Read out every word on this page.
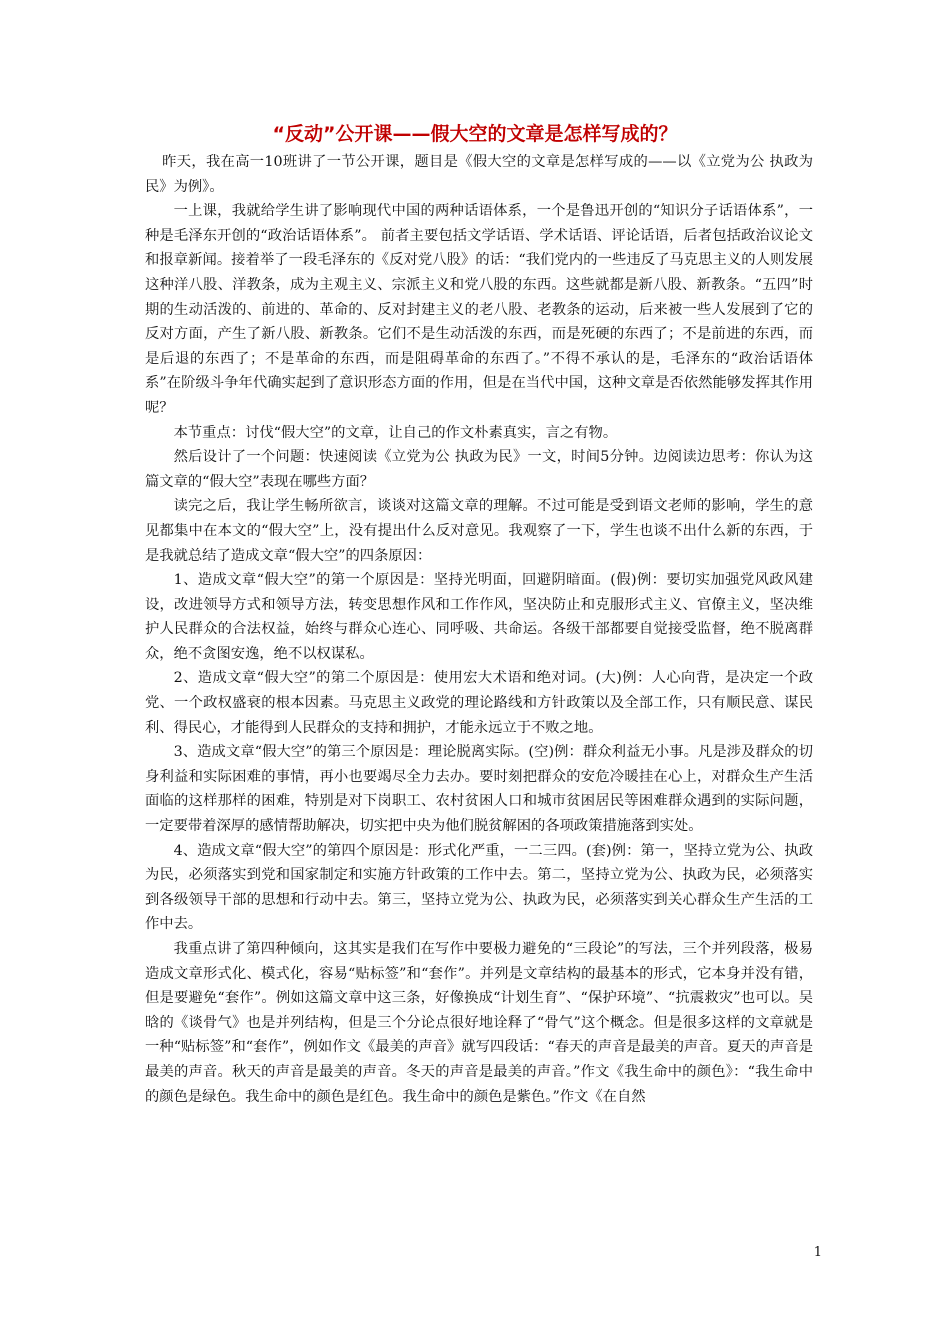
“反动”公开课——假大空的文章是怎样写成的？

昨天，我在高一10班讲了一节公开课，题目是《假大空的文章是怎样写成的——以《立党为公 执政为民》为例》。

一上课，我就给学生讲了影响现代中国的两种话语体系，一个是鲁迅开创的“知识分子话语体系”，一种是毛泽东开创的“政治话语体系”。 前者主要包括文学话语、学术话语、评论话语，后者包括政治议论文和报章新闻。接着举了一段毛泽东的《反对党八股》的话：“我们党内的一些违反了马克思主义的人则发展这种洋八股、洋教条，成为主观主义、宗派主义和党八股的东西。这些就都是新八股、新教条。“五四”时期的生动活泼的、前进的、革命的、反对封建主义的老八股、老教条的运动，后来被一些人发展到了它的反对方面，产生了新八股、新教条。它们不是生动活泼的东西，而是死硬的东西了；不是前进的东西，而是后退的东西了；不是革命的东西，而是阻碍革命的东西了。”不得不承认的是，毛泽东的“政治话语体系”在阶级斗争年代确实起到了意识形态方面的作用，但是在当代中国，这种文章是否依然能够发挥其作用呢？

本节重点：讨伐“假大空”的文章，让自己的作文朴素真实，言之有物。

然后设计了一个问题：快速阅读《立党为公 执政为民》一文，时间5分钟。边阅读边思考：你认为这篇文章的“假大空”表现在哪些方面？

读完之后，我让学生畅所欲言，谈谈对这篇文章的理解。不过可能是受到语文老师的影响，学生的意见都集中在本文的“假大空”上，没有提出什么反对意见。我观察了一下，学生也谈不出什么新的东西，于是我就总结了造成文章“假大空”的四条原因：

1、造成文章“假大空”的第一个原因是：坚持光明面，回避阴暗面。(假)例：要切实加强党风政风建设，改进领导方式和领导方法，转变思想作风和工作作风，坚决防止和克服形式主义、官僚主义，坚决维护人民群众的合法权益，始终与群众心连心、同呼吸、共命运。各级干部都要自觉接受监督，绝不脱离群众，绝不贪图安逸，绝不以权谋私。

2、造成文章“假大空”的第二个原因是：使用宏大术语和绝对词。(大)例：人心向背，是决定一个政党、一个政权盛衰的根本因素。马克思主义政党的理论路线和方针政策以及全部工作，只有顺民意、谋民利、得民心，才能得到人民群众的支持和拥护，才能永远立于不败之地。

3、造成文章“假大空”的第三个原因是：理论脱离实际。(空)例：群众利益无小事。凡是涉及群众的切身利益和实际困难的事情，再小也要竭尽全力去办。要时刻把群众的安危冷暖挂在心上，对群众生产生活面临的这样那样的困难，特别是对下岗职工、农村贫困人口和城市贫困居民等困难群众遇到的实际问题，一定要带着深厚的感情帮助解决，切实把中央为他们脱贫解困的各项政策措施落到实处。

4、造成文章“假大空”的第四个原因是：形式化严重，一二三四。(套)例：第一，坚持立党为公、执政为民，必须落实到党和国家制定和实施方针政策的工作中去。第二，坚持立党为公、执政为民，必须落实到各级领导干部的思想和行动中去。第三，坚持立党为公、执政为民，必须落实到关心群众生产生活的工作中去。

我重点讲了第四种倾向，这其实是我们在写作中要极力避免的“三段论”的写法，三个并列段落，极易造成文章形式化、模式化，容易“贴标签”和“套作”。并列是文章结构的最基本的形式，它本身并没有错，但是要避免“套作”。例如这篇文章中这三条，好像换成“计划生育”、“保护环境”、“抗震救灾”也可以。吴晗的《谈骨气》也是并列结构，但是三个分论点很好地诠释了“骨气”这个概念。但是很多这样的文章就是一种“贴标签”和“套作”，例如作文《最美的声音》就写四段话：“春天的声音是最美的声音。夏天的声音是最美的声音。秋天的声音是最美的声音。冬天的声音是最美的声音。”作文《我生命中的颜色》：“我生命中的颜色是绿色。我生命中的颜色是红色。我生命中的颜色是紫色。”作文《在自然

1
